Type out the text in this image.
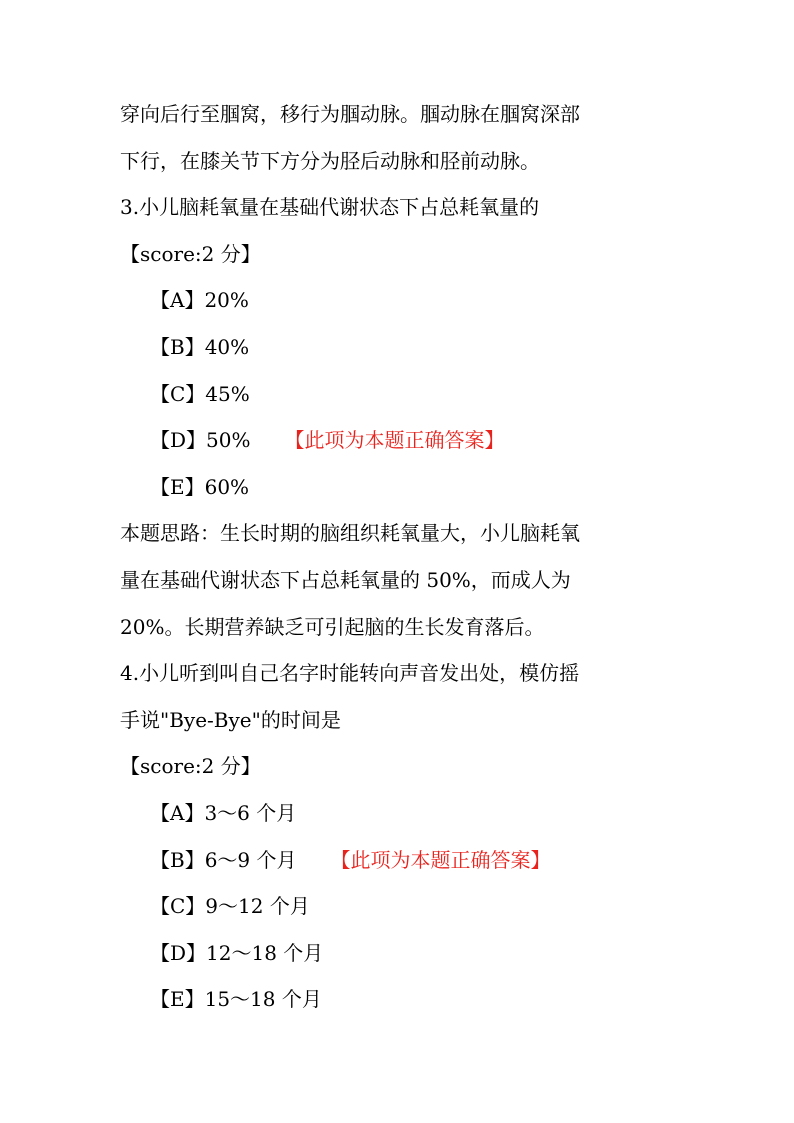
穿向后行至腘窝，移行为腘动脉。腘动脉在腘窝深部
下行，在膝关节下方分为胫后动脉和胫前动脉。
3.小儿脑耗氧量在基础代谢状态下占总耗氧量的
【score:2 分】
【A】20%
【B】40%
【C】45%
【D】50% 【此项为本题正确答案】
【E】60%
本题思路：生长时期的脑组织耗氧量大，小儿脑耗氧
量在基础代谢状态下占总耗氧量的 50%，而成人为
20%。长期营养缺乏可引起脑的生长发育落后。
4.小儿听到叫自己名字时能转向声音发出处，模仿摇
手说"Bye-Bye"的时间是
【score:2 分】
【A】3～6 个月
【B】6～9 个月 【此项为本题正确答案】
【C】9～12 个月
【D】12～18 个月
【E】15～18 个月
